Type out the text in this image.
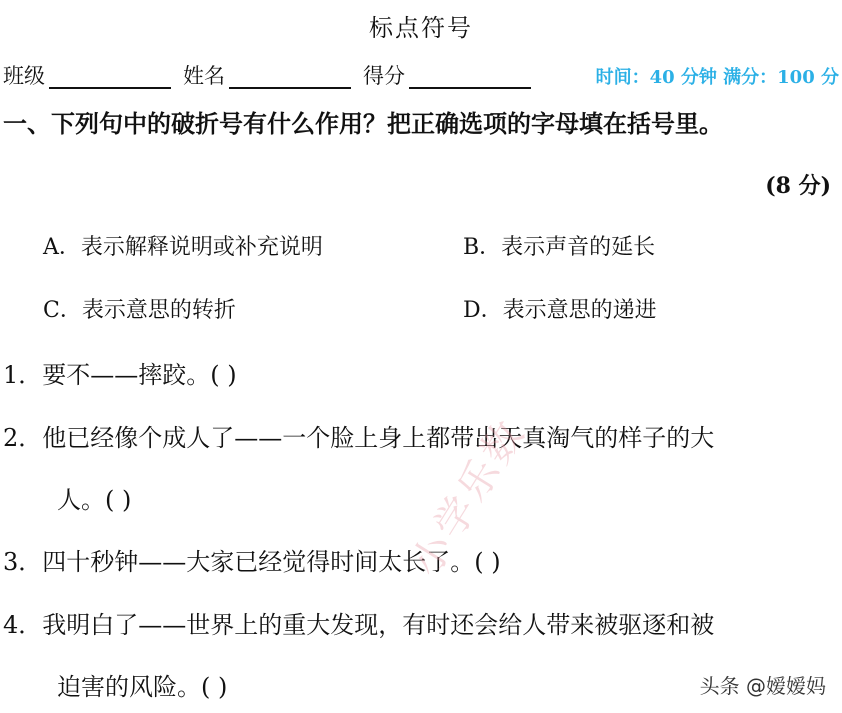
标点符号
班级	姓名	得分	时间：40 分钟 满分：100 分
一、下列句中的破折号有什么作用？把正确选项的字母填在括号里。
(8 分)
A．表示解释说明或补充说明	B．表示声音的延长
C．表示意思的转折	D．表示意思的递进
1．要不——摔跤。( )
2．他已经像个成人了——一个脸上身上都带出天真淘气的样子的大
人。( )
3．四十秒钟——大家已经觉得时间太长了。( )
4．我明白了——世界上的重大发现，有时还会给人带来被驱逐和被
迫害的风险。( )
小学乐数
头条 @嫒嫒妈
